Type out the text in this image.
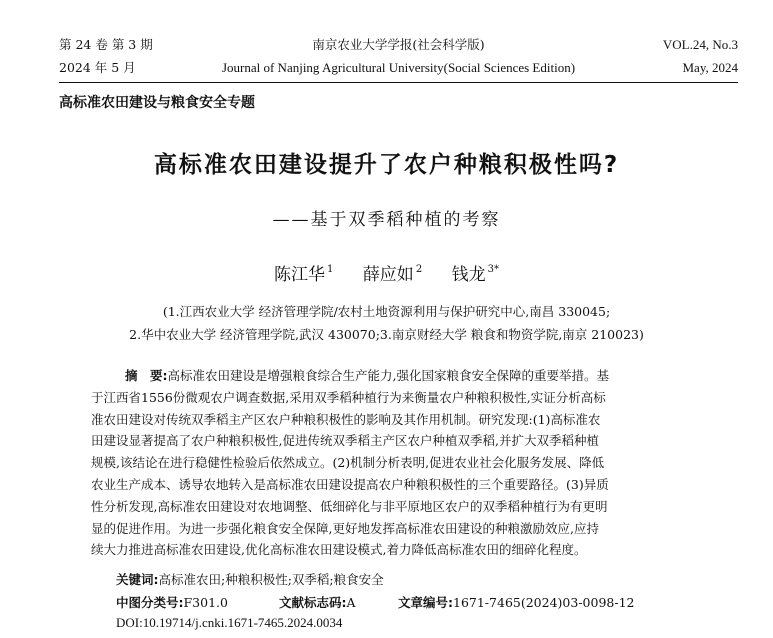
第 24 卷 第 3 期	南京农业大学学报(社会科学版)	VOL.24, No.3
2024 年 5 月	Journal of Nanjing Agricultural University(Social Sciences Edition)	May, 2024
高标准农田建设与粮食安全专题
高标准农田建设提升了农户种粮积极性吗?
——基于双季稻种植的考察
陈江华 $^1$ 薛应如 $^2$ 钱龙 $^{3*}$
(1.江西农业大学 经济管理学院/农村土地资源利用与保护研究中心,南昌 330045;
2.华中农业大学 经济管理学院,武汉 430070;3.南京财经大学 粮食和物资学院,南京 210023)
摘　要:高标准农田建设是增强粮食综合生产能力,强化国家粮食安全保障的重要举措。基
于江西省1556份微观农户调查数据,采用双季稻种植行为来衡量农户种粮积极性,实证分析高标
准农田建设对传统双季稻主产区农户种粮积极性的影响及其作用机制。研究发现:(1)高标准农
田建设显著提高了农户种粮积极性,促进传统双季稻主产区农户种植双季稻,并扩大双季稻种植
规模,该结论在进行稳健性检验后依然成立。(2)机制分析表明,促进农业社会化服务发展、降低
农业生产成本、诱导农地转入是高标准农田建设提高农户种粮积极性的三个重要路径。(3)异质
性分析发现,高标准农田建设对农地调整、低细碎化与非平原地区农户的双季稻种植行为有更明
显的促进作用。为进一步强化粮食安全保障,更好地发挥高标准农田建设的种粮激励效应,应持
续大力推进高标准农田建设,优化高标准农田建设模式,着力降低高标准农田的细碎化程度。
关键词:高标准农田;种粮积极性;双季稻;粮食安全
中图分类号:F301.0	文献标志码:A	文章编号:1671-7465(2024)03-0098-12
DOI:10.19714/j.cnki.1671-7465.2024.0034
